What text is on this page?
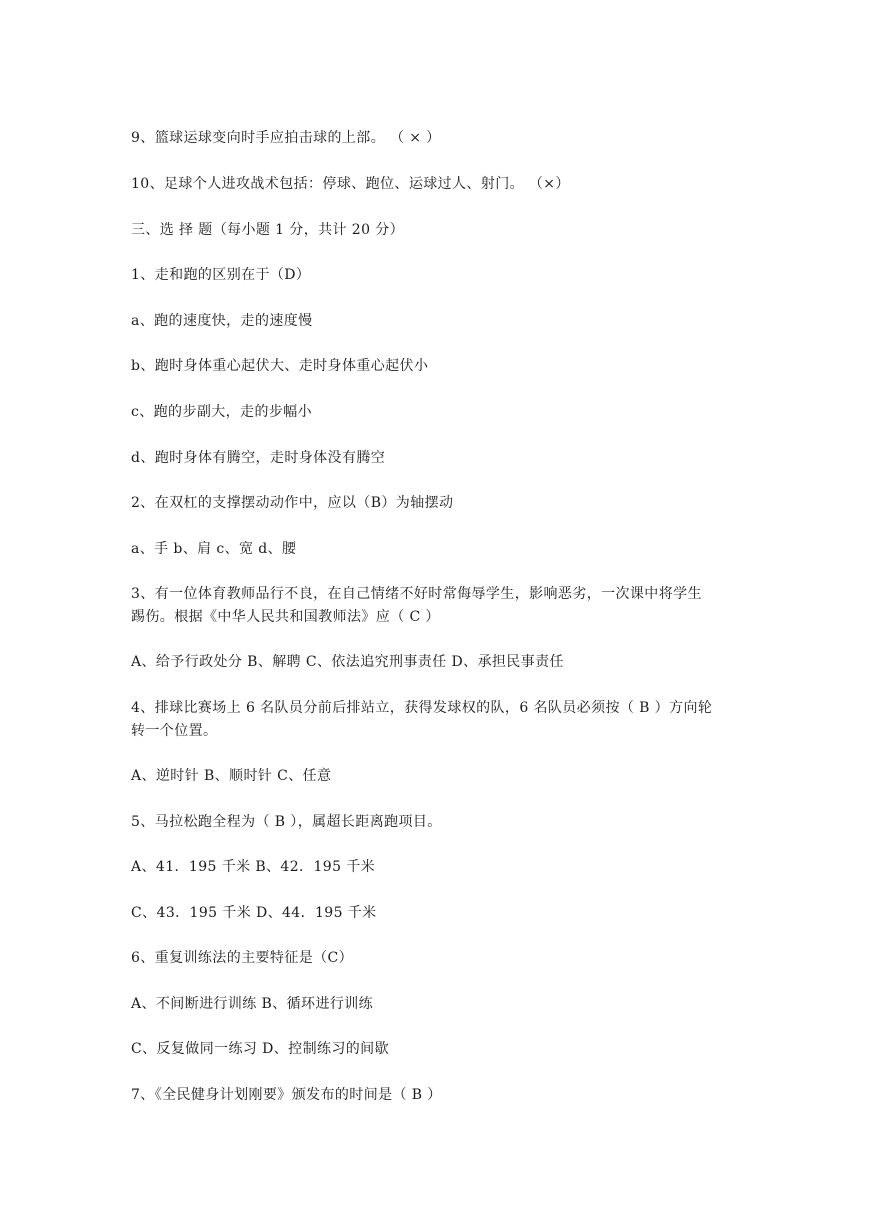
9、篮球运球变向时手应拍击球的上部。 （ × ）

10、足球个人进攻战术包括：停球、跑位、运球过人、射门。 （×）

三、选 择 题（每小题 1 分，共计 20 分）

1、走和跑的区别在于（D）

a、跑的速度快，走的速度慢

b、跑时身体重心起伏大、走时身体重心起伏小

c、跑的步副大，走的步幅小

d、跑时身体有腾空，走时身体没有腾空

2、在双杠的支撑摆动动作中，应以（B）为轴摆动

a、手 b、肩 c、宽 d、腰

3、有一位体育教师品行不良，在自己情绪不好时常侮辱学生，影响恶劣，一次课中将学生

踢伤。根据《中华人民共和国教师法》应（ C ）

A、给予行政处分 B、解聘 C、依法追究刑事责任 D、承担民事责任

4、排球比赛场上 6 名队员分前后排站立，获得发球权的队，6 名队员必须按（ B ）方向轮

转一个位置。

A、逆时针 B、顺时针 C、任意

5、马拉松跑全程为（ B ），属超长距离跑项目。

A、41．195 千米 B、42．195 千米

C、43．195 千米 D、44．195 千米

6、重复训练法的主要特征是（C）

A、不间断进行训练 B、循环进行训练

C、反复做同一练习 D、控制练习的间歇

7、《全民健身计划刚要》颁发布的时间是（ B ）
